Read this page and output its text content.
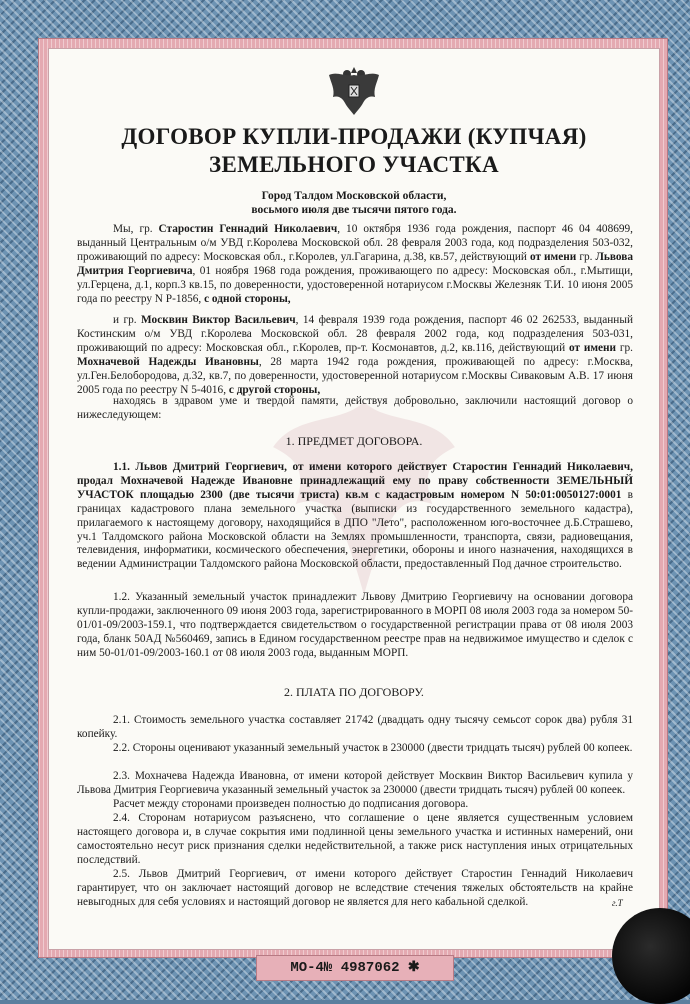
ДОГОВОР КУПЛИ-ПРОДАЖИ (КУПЧАЯ)
ЗЕМЕЛЬНОГО УЧАСТКА
Город Талдом Московской области,
восьмого июля две тысячи пятого года.
Мы, гр. Старостин Геннадий Николаевич, 10 октября 1936 года рождения, паспорт 46 04 408699, выданный Центральным о/м УВД г.Королева Московской обл. 28 февраля 2003 года, код подразделения 503-032, проживающий по адресу: Московская обл., г.Королев, ул.Гагарина, д.38, кв.57, действующий от имени гр. Львова Дмитрия Георгиевича, 01 ноября 1968 года рождения, проживающего по адресу: Московская обл., г.Мытищи, ул.Герцена, д.1, корп.3 кв.15, по доверенности, удостоверенной нотариусом г.Москвы Железняк Т.И. 10 июня 2005 года по реестру N Р-1856, с одной стороны,
и гр. Москвин Виктор Васильевич, 14 февраля 1939 года рождения, паспорт 46 02 262533, выданный Костинским о/м УВД г.Королева Московской обл. 28 февраля 2002 года, код подразделения 503-031, проживающий по адресу: Московская обл., г.Королев, пр-т. Космонавтов, д.2, кв.116, действующий от имени гр. Мохначевой Надежды Ивановны, 28 марта 1942 года рождения, проживающей по адресу: г.Москва, ул.Ген.Белобородова, д.32, кв.7, по доверенности, удостоверенной нотариусом г.Москвы Сиваковым А.В. 17 июня 2005 года по реестру N 5-4016, с другой стороны,
находясь в здравом уме и твердой памяти, действуя добровольно, заключили настоящий договор о нижеследующем:
1. ПРЕДМЕТ ДОГОВОРА.
1.1. Львов Дмитрий Георгиевич, от имени которого действует Старостин Геннадий Николаевич, продал Мохначевой Надежде Ивановне принадлежащий ему по праву собственности ЗЕМЕЛЬНЫЙ УЧАСТОК площадью 2300 (две тысячи триста) кв.м с кадастровым номером N 50:01:0050127:0001 в границах кадастрового плана земельного участка (выписки из государственного земельного кадастра), прилагаемого к настоящему договору, находящийся в ДПО "Лето", расположенном юго-восточнее д.Б.Страшево, уч.1 Талдомского района Московской области на Землях промышленности, транспорта, связи, радиовещания, телевидения, информатики, космического обеспечения, энергетики, обороны и иного назначения, находящихся в ведении Администрации Талдомского района Московской области, предоставленный Под дачное строительство.
1.2. Указанный земельный участок принадлежит Львову Дмитрию Георгиевичу на основании договора купли-продажи, заключенного 09 июня 2003 года, зарегистрированного в МОРП 08 июля 2003 года за номером 50-01/01-09/2003-159.1, что подтверждается свидетельством о государственной регистрации права от 08 июля 2003 года, бланк 50АД №560469, запись в Едином государственном реестре прав на недвижимое имущество и сделок с ним 50-01/01-09/2003-160.1 от 08 июля 2003 года, выданным МОРП.
2. ПЛАТА ПО ДОГОВОРУ.
2.1. Стоимость земельного участка составляет 21742 (двадцать одну тысячу семьсот сорок два) рубля 31 копейку.
2.2. Стороны оценивают указанный земельный участок в 230000 (двести тридцать тысяч) рублей 00 копеек.
2.3. Мохначева Надежда Ивановна, от имени которой действует Москвин Виктор Васильевич купила у Львова Дмитрия Георгиевича указанный земельный участок за 230000 (двести тридцать тысяч) рублей 00 копеек.
Расчет между сторонами произведен полностью до подписания договора.
2.4. Сторонам нотариусом разъяснено, что соглашение о цене является существенным условием настоящего договора и, в случае сокрытия ими подлинной цены земельного участка и истинных намерений, они самостоятельно несут риск признания сделки недействительной, а также риск наступления иных отрицательных последствий.
2.5. Львов Дмитрий Георгиевич, от имени которого действует Старостин Геннадий Николаевич гарантирует, что он заключает настоящий договор не вследствие стечения тяжелых обстоятельств на крайне невыгодных для себя условиях и настоящий договор не является для него кабальной сделкой.	г.Т
МО-4№ 4987062 ✱
